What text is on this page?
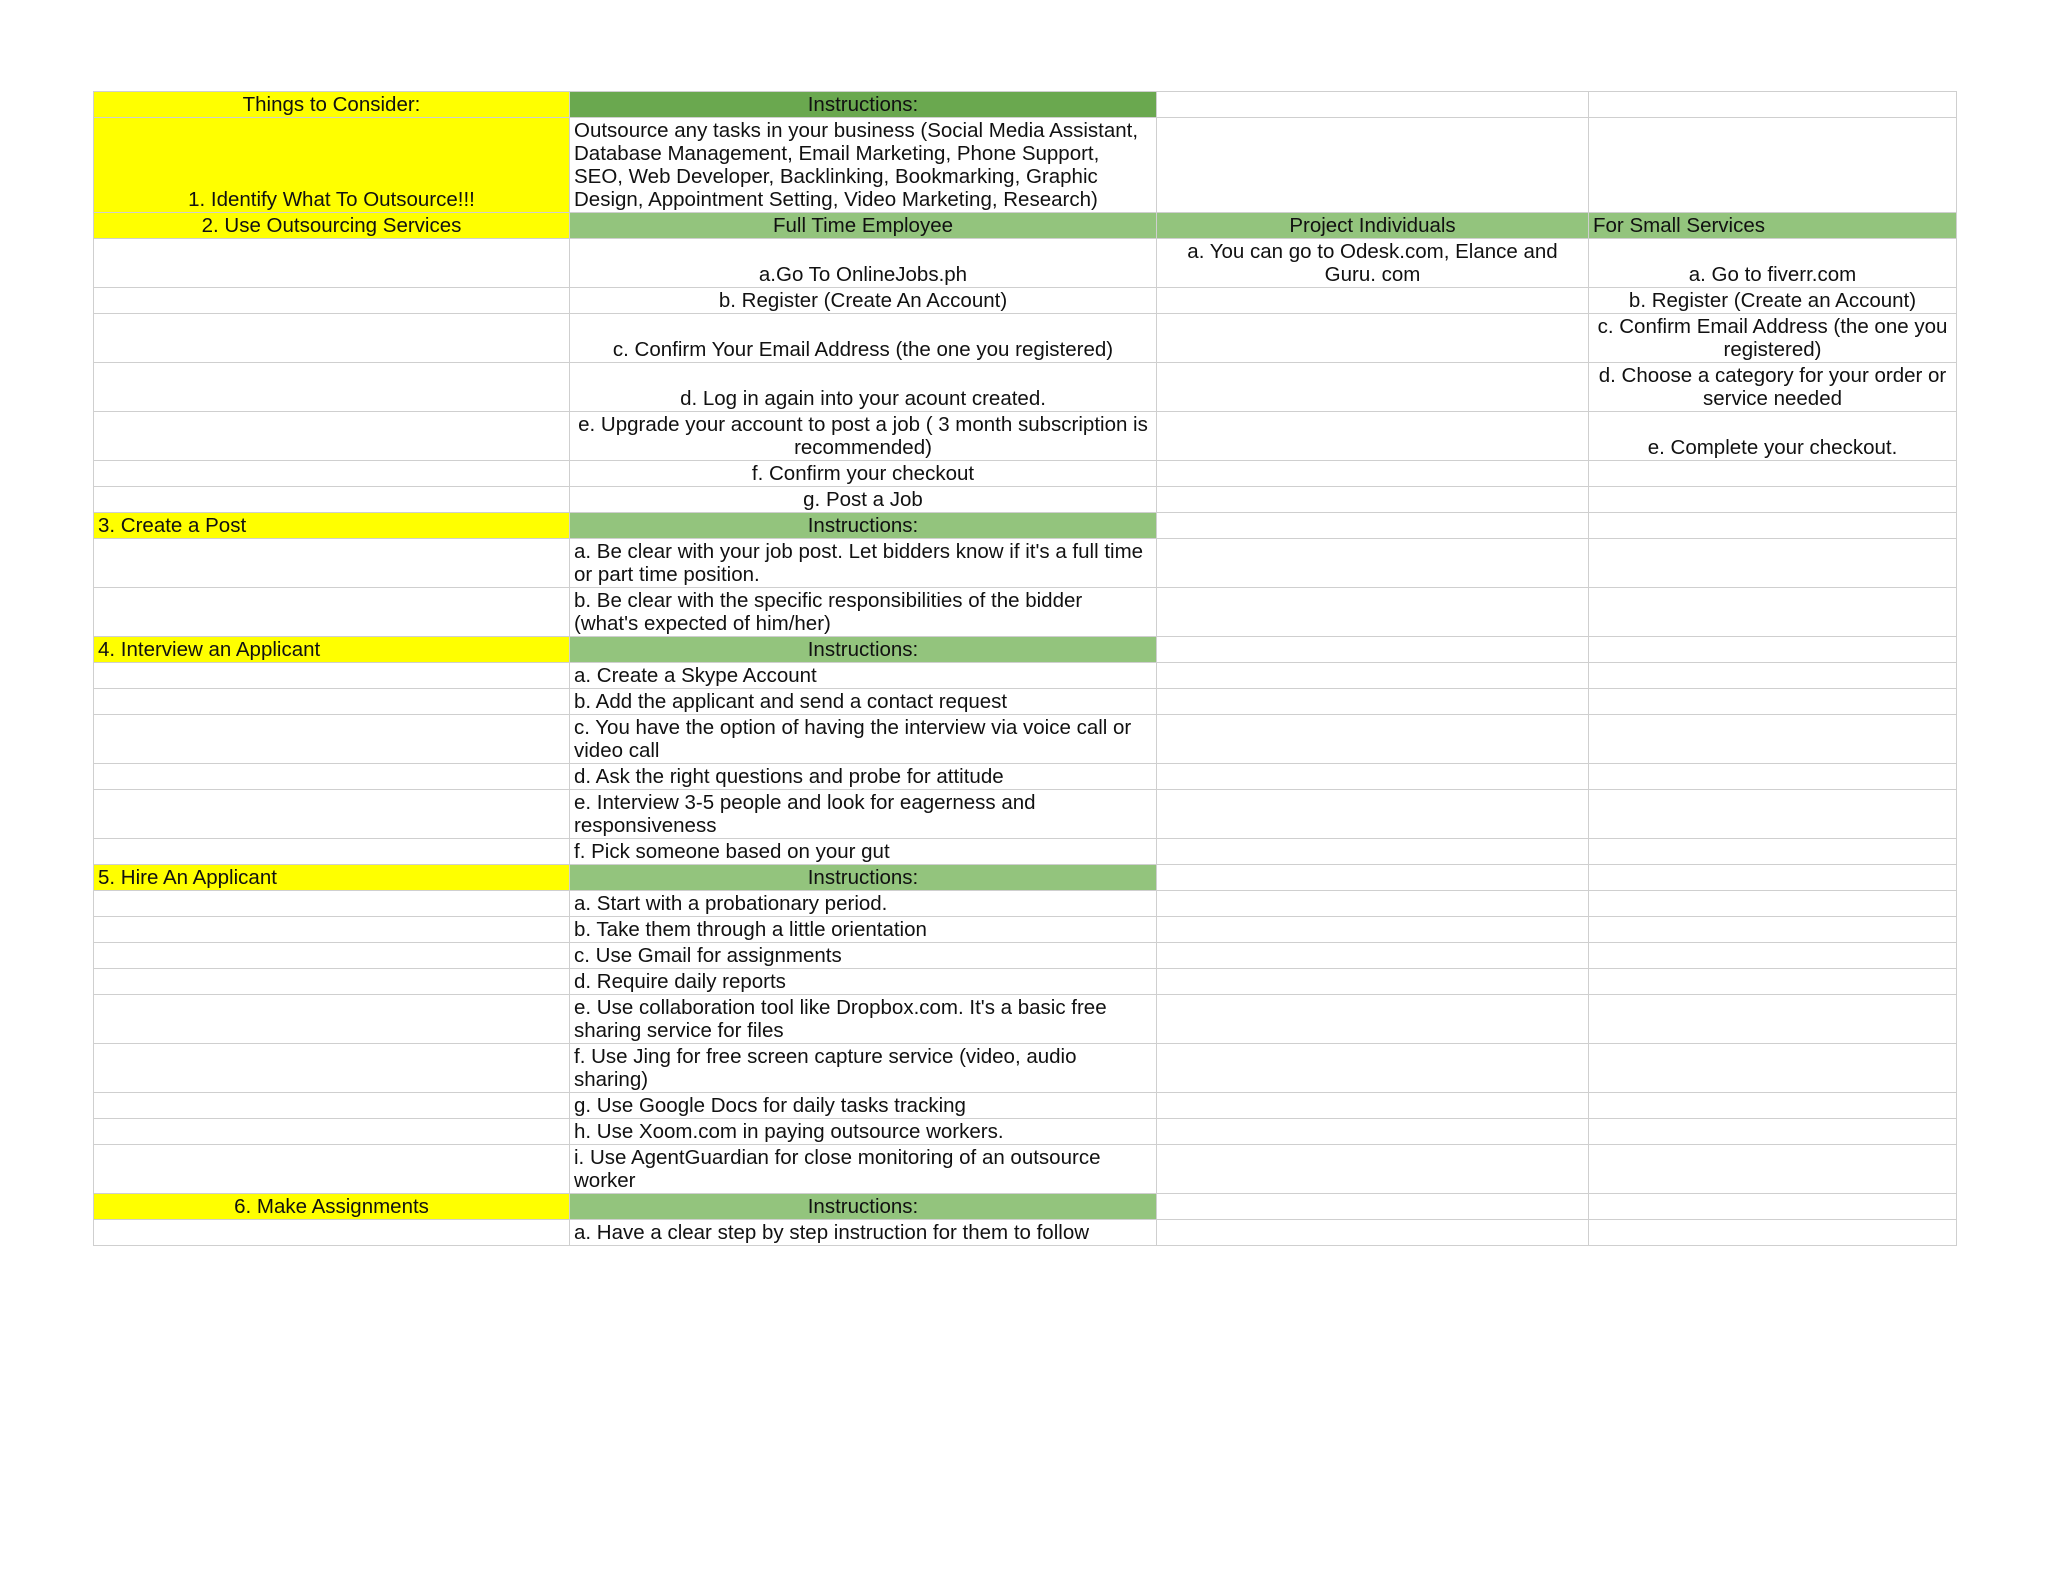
Things to Consider:	Instructions:		
1. Identify What To Outsource!!!	Outsource any tasks in your business (Social Media Assistant, Database Management, Email Marketing, Phone Support, SEO, Web Developer, Backlinking, Bookmarking, Graphic Design, Appointment Setting, Video Marketing, Research)		
2. Use Outsourcing Services	Full Time Employee	Project Individuals	For Small Services
	a.Go To OnlineJobs.ph	a. You can go to Odesk.com, Elance and Guru. com	a. Go to fiverr.com
	b. Register (Create An Account)		b. Register (Create an Account)
	c. Confirm Your Email Address (the one you registered)		c. Confirm Email Address (the one you registered)
	d. Log in again into your acount created.		d. Choose a category for your order or service needed
	e. Upgrade your account to post a job ( 3 month subscription is recommended)		e. Complete your checkout.
	f. Confirm your checkout		
	g. Post a Job		
3. Create a Post	Instructions:		
	a. Be clear with your job post. Let bidders know if it's a full time or part time position.		
	b. Be clear with the specific responsibilities of the bidder (what's expected of him/her)		
4. Interview an Applicant	Instructions:		
	a. Create a Skype Account		
	b. Add the applicant and send a contact request		
	c. You have the option of having the interview via voice call or video call		
	d. Ask the right questions and probe for attitude		
	e. Interview 3-5 people and look for eagerness and responsiveness		
	f. Pick someone based on your gut		
5. Hire An Applicant	Instructions:		
	a. Start with a probationary period.		
	b. Take them through a little orientation		
	c. Use Gmail for assignments		
	d. Require daily reports		
	e. Use collaboration tool like Dropbox.com. It's a basic free sharing service for files		
	f. Use Jing for free screen capture service (video, audio sharing)		
	g. Use Google Docs for daily tasks tracking		
	h. Use Xoom.com in paying outsource workers.		
	i. Use AgentGuardian for close monitoring of an outsource worker		
6. Make Assignments	Instructions:		
	a. Have a clear step by step instruction for them to follow		
